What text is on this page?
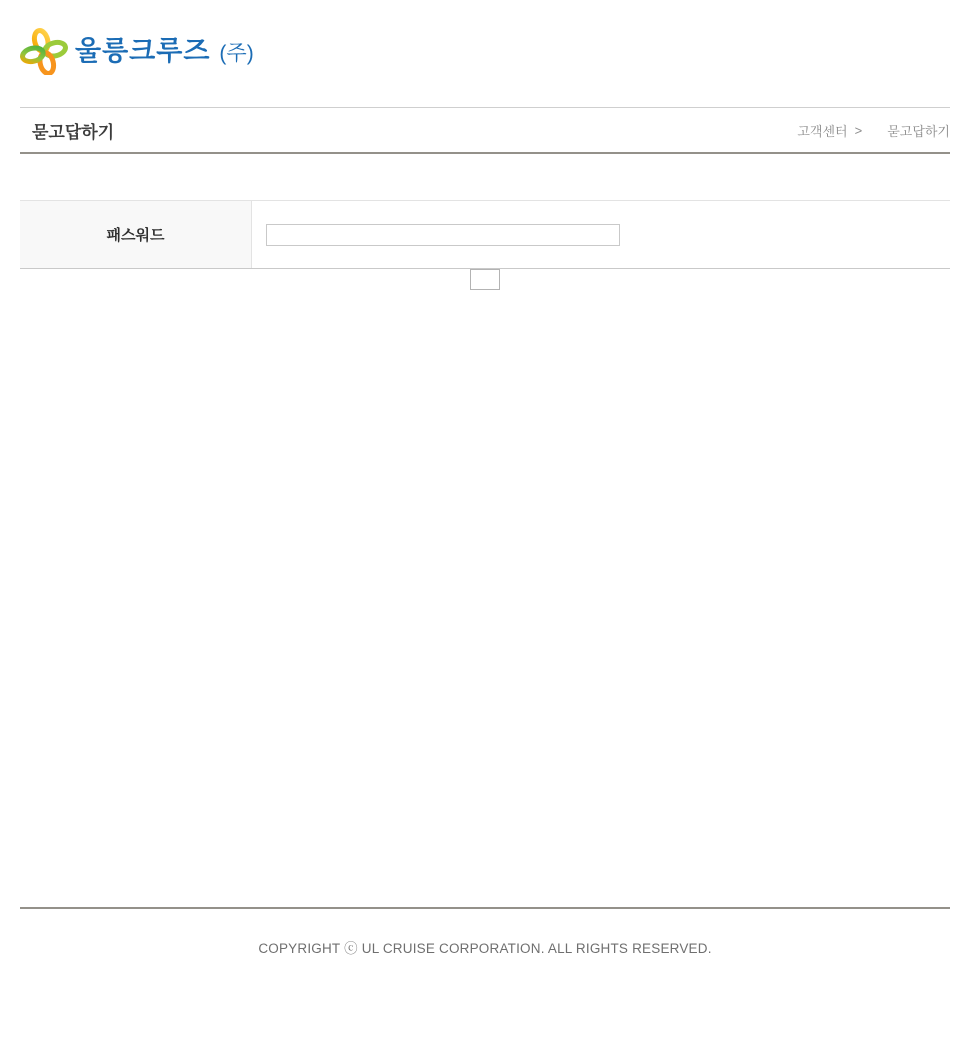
울릉크루즈 (주)
묻고답하기	고객센터 > 묻고답하기
패스워드
COPYRIGHT ⓒ UL CRUISE CORPORATION. ALL RIGHTS RESERVED.
